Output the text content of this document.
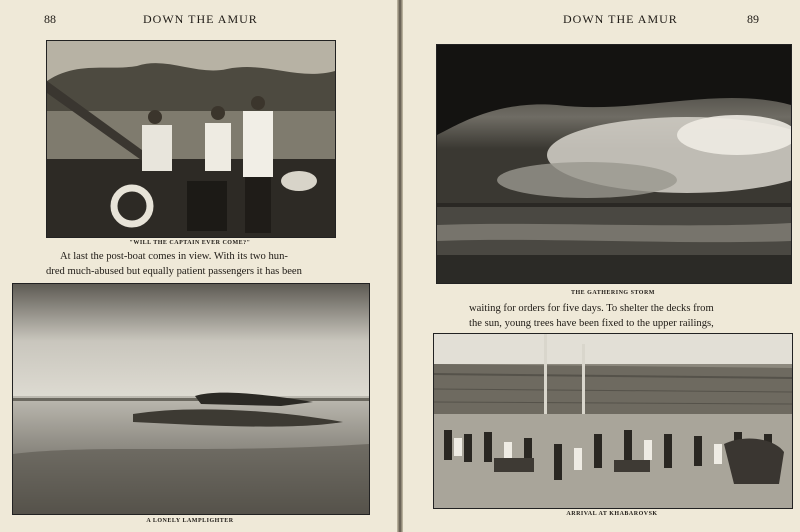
88	DOWN THE AMUR
"WILL THE CAPTAIN EVER COME?"

At last the post-boat comes in view. With its two hun-

dred much-abused but equally patient passengers it has been

A LONELY LAMPLIGHTER
DOWN THE AMUR	89
THE GATHERING STORM

waiting for orders for five days. To shelter the decks from

the sun, young trees have been fixed to the upper railings,

ARRIVAL AT KHABAROVSK
